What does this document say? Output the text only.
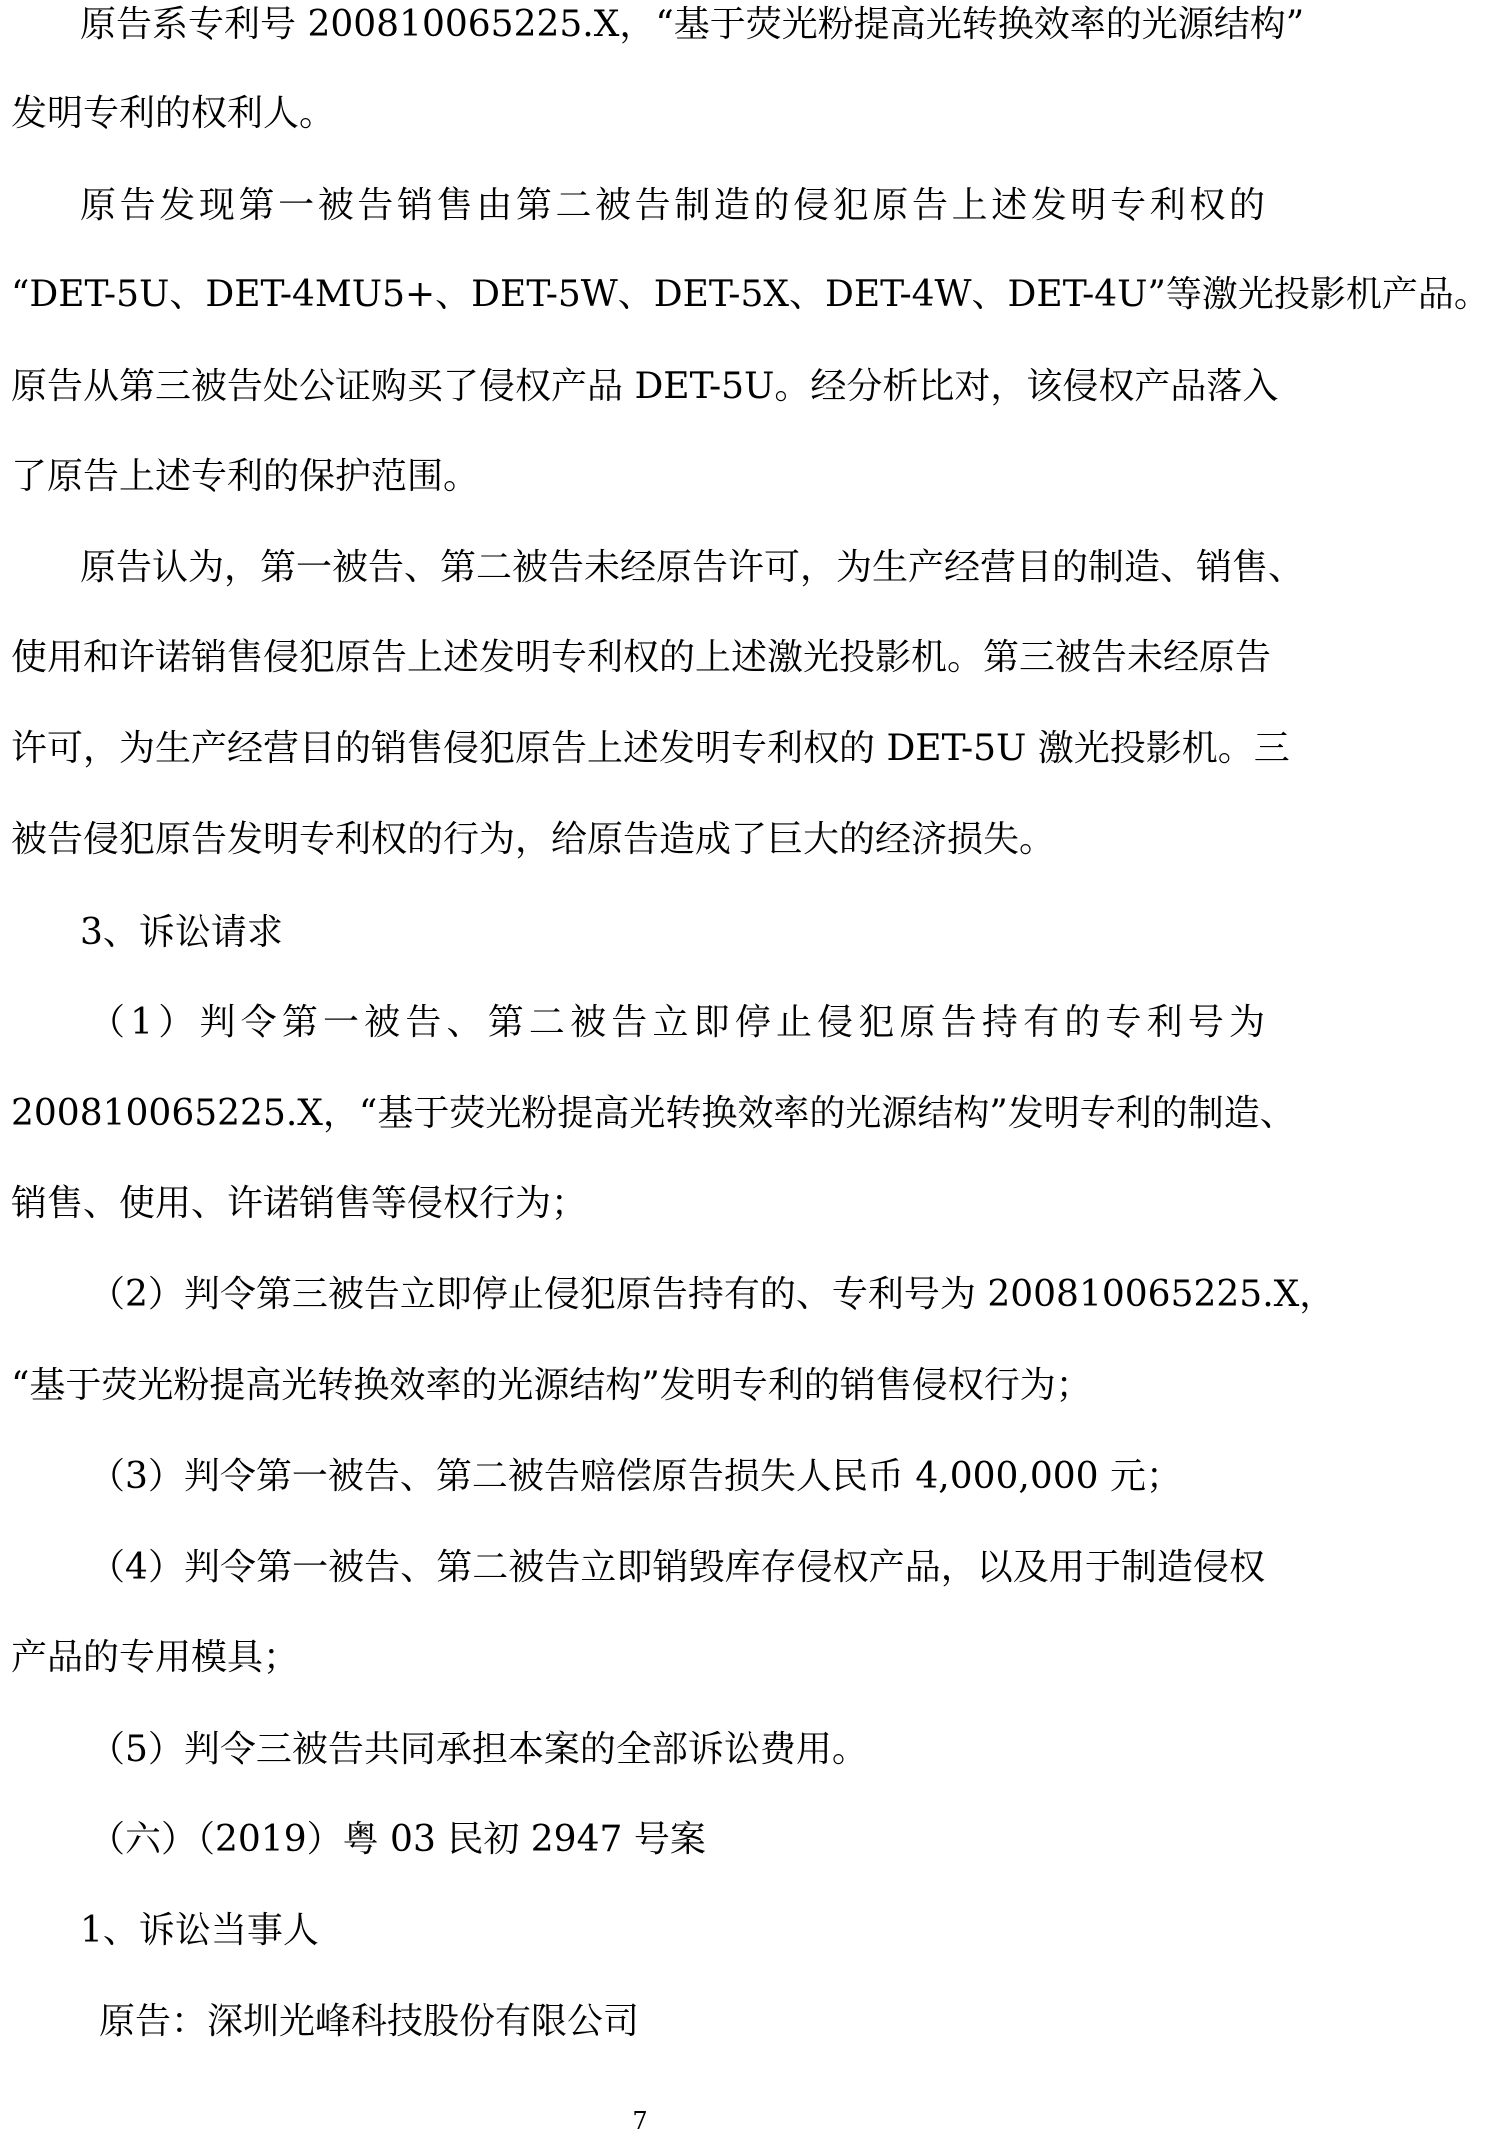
原告系专利号 200810065225.X，“基于荧光粉提高光转换效率的光源结构”
发明专利的权利人。
原告发现第一被告销售由第二被告制造的侵犯原告上述发明专利权的
“DET-5U、DET-4MU5+、DET-5W、DET-5X、DET-4W、DET-4U”等激光投影机产品。
原告从第三被告处公证购买了侵权产品 DET-5U。经分析比对，该侵权产品落入
了原告上述专利的保护范围。
原告认为，第一被告、第二被告未经原告许可，为生产经营目的制造、销售、
使用和许诺销售侵犯原告上述发明专利权的上述激光投影机。第三被告未经原告
许可，为生产经营目的销售侵犯原告上述发明专利权的 DET-5U 激光投影机。三
被告侵犯原告发明专利权的行为，给原告造成了巨大的经济损失。
3、诉讼请求
（1）判令第一被告、第二被告立即停止侵犯原告持有的专利号为
200810065225.X，“基于荧光粉提高光转换效率的光源结构”发明专利的制造、
销售、使用、许诺销售等侵权行为；
（2）判令第三被告立即停止侵犯原告持有的、专利号为 200810065225.X，
“基于荧光粉提高光转换效率的光源结构”发明专利的销售侵权行为；
（3）判令第一被告、第二被告赔偿原告损失人民币 4,000,000 元；
（4）判令第一被告、第二被告立即销毁库存侵权产品，以及用于制造侵权
产品的专用模具；
（5）判令三被告共同承担本案的全部诉讼费用。
（六）（2019）粤 03 民初 2947 号案
1、诉讼当事人
原告：深圳光峰科技股份有限公司
7
